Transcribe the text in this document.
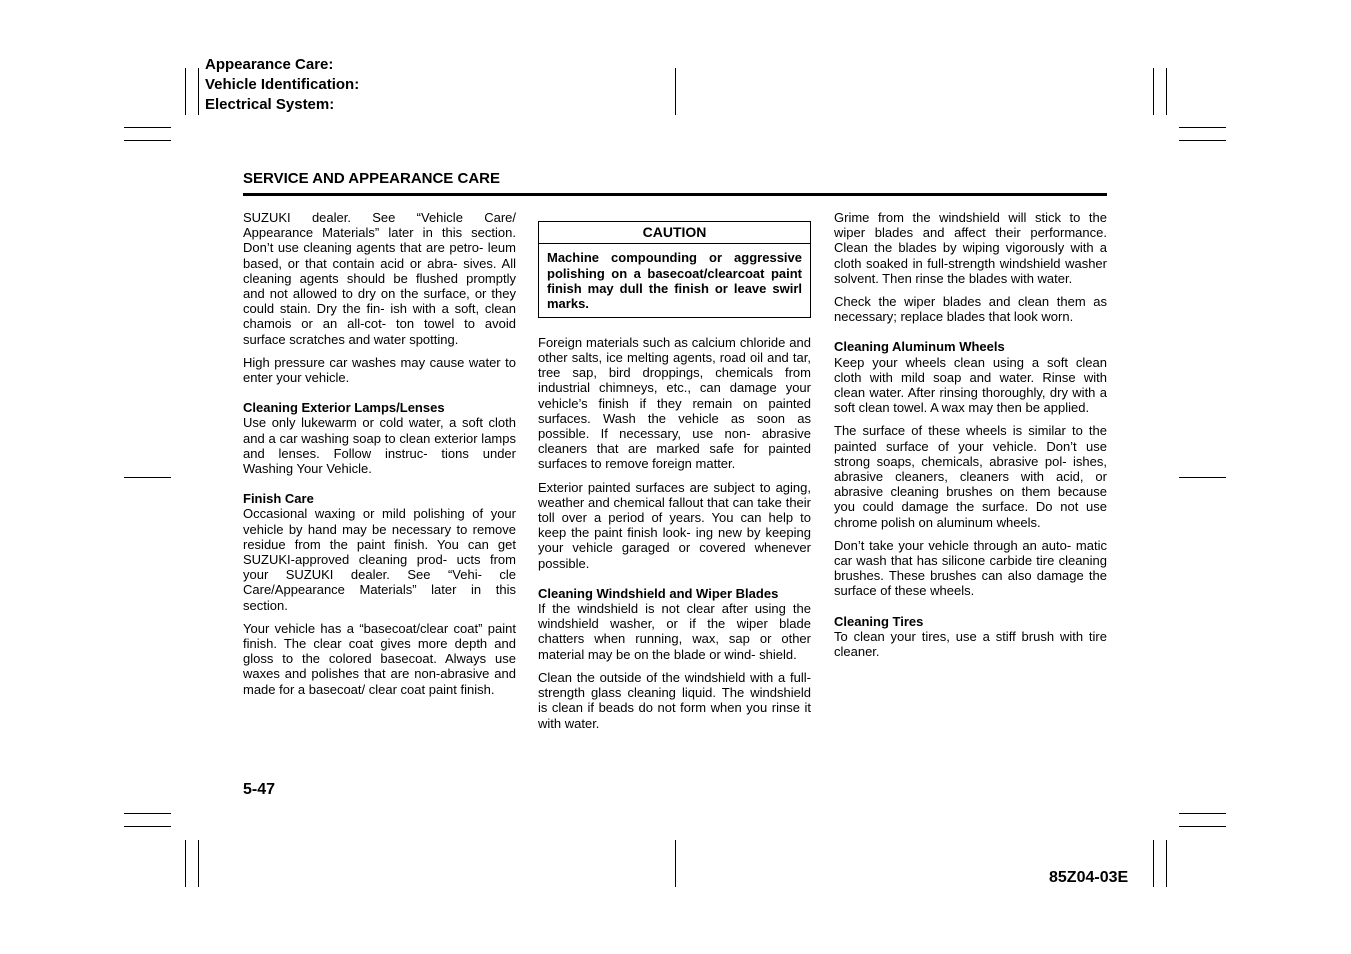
Appearance Care:
Vehicle Identification:
Electrical System:
SERVICE AND APPEARANCE CARE

SUZUKI dealer. See “Vehicle Care/ Appearance Materials” later in this section. Don’t use cleaning agents that are petro- leum based, or that contain acid or abra- sives. All cleaning agents should be flushed promptly and not allowed to dry on the surface, or they could stain. Dry the fin- ish with a soft, clean chamois or an all-cot- ton towel to avoid surface scratches and water spotting.

High pressure car washes may cause water to enter your vehicle.

Cleaning Exterior Lamps/Lenses

Use only lukewarm or cold water, a soft cloth and a car washing soap to clean exterior lamps and lenses. Follow instruc- tions under Washing Your Vehicle.

Finish Care

Occasional waxing or mild polishing of your vehicle by hand may be necessary to remove residue from the paint finish. You can get SUZUKI-approved cleaning prod- ucts from your SUZUKI dealer. See “Vehi- cle Care/Appearance Materials” later in this section.

Your vehicle has a “basecoat/clear coat” paint finish. The clear coat gives more depth and gloss to the colored basecoat. Always use waxes and polishes that are non-abrasive and made for a basecoat/ clear coat paint finish.

CAUTION
Machine compounding or aggressive polishing on a basecoat/clearcoat paint finish may dull the finish or leave swirl marks.

Foreign materials such as calcium chloride and other salts, ice melting agents, road oil and tar, tree sap, bird droppings, chemicals from industrial chimneys, etc., can damage your vehicle’s finish if they remain on painted surfaces. Wash the vehicle as soon as possible. If necessary, use non- abrasive cleaners that are marked safe for painted surfaces to remove foreign matter.

Exterior painted surfaces are subject to aging, weather and chemical fallout that can take their toll over a period of years. You can help to keep the paint finish look- ing new by keeping your vehicle garaged or covered whenever possible.

Cleaning Windshield and Wiper Blades

If the windshield is not clear after using the windshield washer, or if the wiper blade chatters when running, wax, sap or other material may be on the blade or wind- shield.

Clean the outside of the windshield with a full-strength glass cleaning liquid. The windshield is clean if beads do not form when you rinse it with water.

Grime from the windshield will stick to the wiper blades and affect their performance. Clean the blades by wiping vigorously with a cloth soaked in full-strength windshield washer solvent. Then rinse the blades with water.

Check the wiper blades and clean them as necessary; replace blades that look worn.

Cleaning Aluminum Wheels

Keep your wheels clean using a soft clean cloth with mild soap and water. Rinse with clean water. After rinsing thoroughly, dry with a soft clean towel. A wax may then be applied.

The surface of these wheels is similar to the painted surface of your vehicle. Don’t use strong soaps, chemicals, abrasive pol- ishes, abrasive cleaners, cleaners with acid, or abrasive cleaning brushes on them because you could damage the surface. Do not use chrome polish on aluminum wheels.

Don’t take your vehicle through an auto- matic car wash that has silicone carbide tire cleaning brushes. These brushes can also damage the surface of these wheels.

Cleaning Tires

To clean your tires, use a stiff brush with tire cleaner.

5-47
85Z04-03E
